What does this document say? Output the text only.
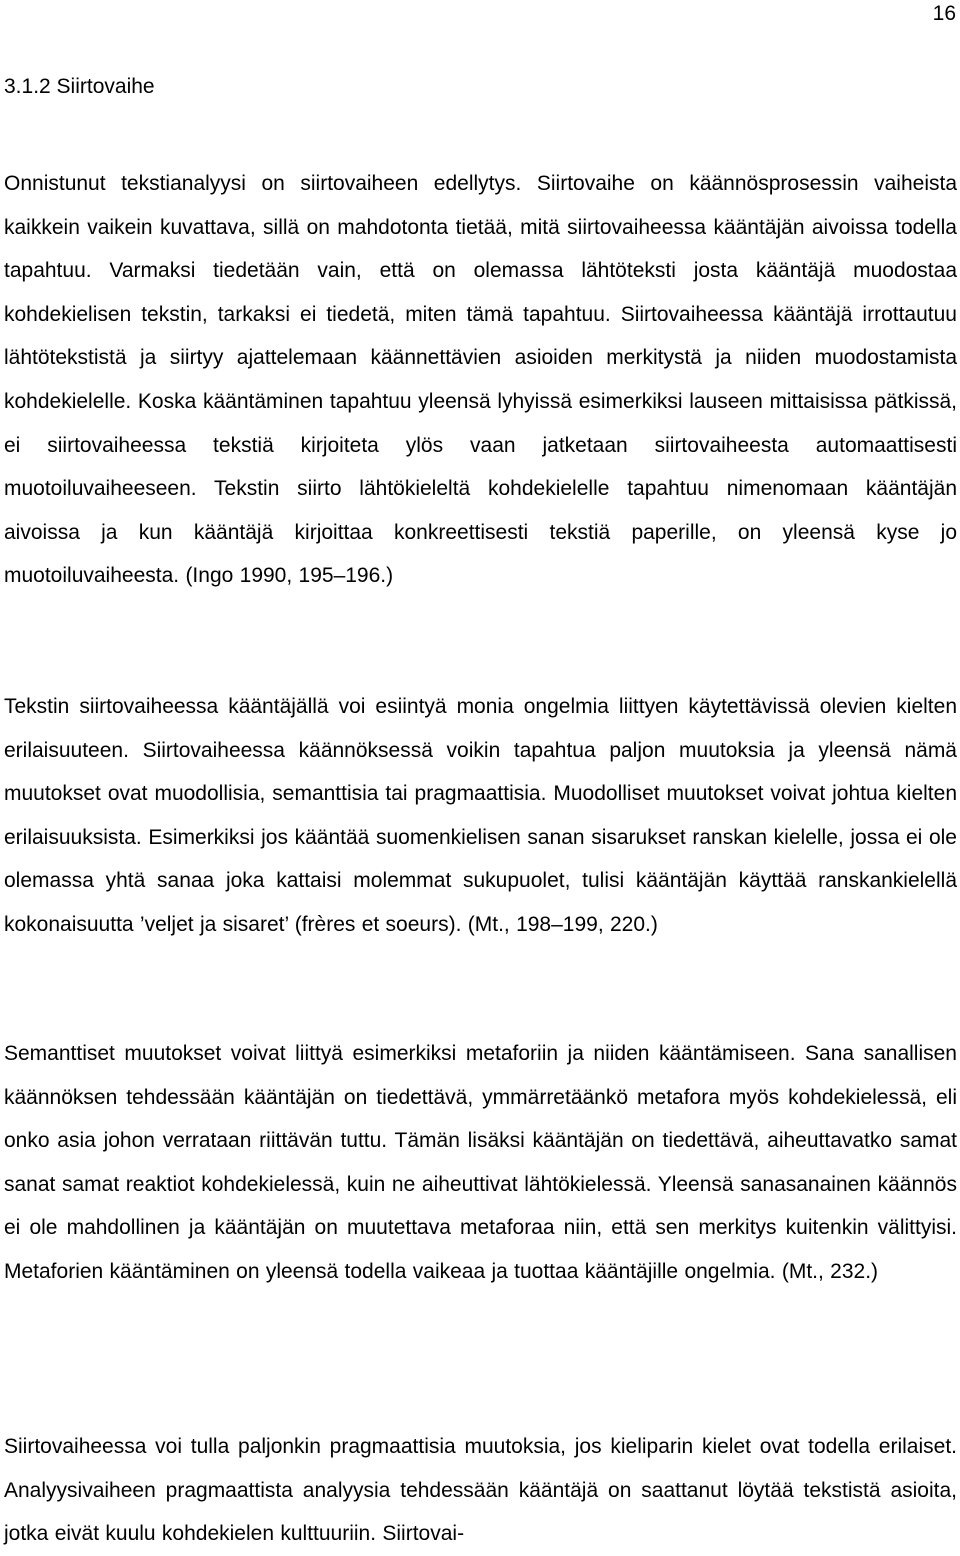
16
3.1.2 Siirtovaihe

Onnistunut tekstianalyysi on siirtovaiheen edellytys. Siirtovaihe on käännösprosessin vaiheista kaikkein vaikein kuvattava, sillä on mahdotonta tietää, mitä siirtovaiheessa kääntäjän aivoissa todella tapahtuu. Varmaksi tiedetään vain, että on olemassa lähtöteksti josta kääntäjä muodostaa kohdekielisen tekstin, tarkaksi ei tiedetä, miten tämä tapahtuu. Siirtovaiheessa kääntäjä irrottautuu lähtötekstistä ja siirtyy ajattelemaan käännettävien asioiden merkitystä ja niiden muodostamista kohdekielelle. Koska kääntäminen tapahtuu yleensä lyhyissä esimerkiksi lauseen mittaisissa pätkissä, ei siirtovaiheessa tekstiä kirjoiteta ylös vaan jatketaan siirtovaiheesta automaattisesti muotoiluvaiheeseen. Tekstin siirto lähtökieleltä kohdekielelle tapahtuu nimenomaan kääntäjän aivoissa ja kun kääntäjä kirjoittaa konkreettisesti tekstiä paperille, on yleensä kyse jo muotoiluvaiheesta. (Ingo 1990, 195–196.)

Tekstin siirtovaiheessa kääntäjällä voi esiintyä monia ongelmia liittyen käytettävissä olevien kielten erilaisuuteen. Siirtovaiheessa käännöksessä voikin tapahtua paljon muutoksia ja yleensä nämä muutokset ovat muodollisia, semanttisia tai pragmaattisia. Muodolliset muutokset voivat johtua kielten erilaisuuksista. Esimerkiksi jos kääntää suomenkielisen sanan sisarukset ranskan kielelle, jossa ei ole olemassa yhtä sanaa joka kattaisi molemmat sukupuolet, tulisi kääntäjän käyttää ranskankielellä kokonaisuutta ’veljet ja sisaret’ (frères et soeurs). (Mt., 198–199, 220.)

Semanttiset muutokset voivat liittyä esimerkiksi metaforiin ja niiden kääntämiseen. Sana sanallisen käännöksen tehdessään kääntäjän on tiedettävä, ymmärretäänkö metafora myös kohdekielessä, eli onko asia johon verrataan riittävän tuttu. Tämän lisäksi kääntäjän on tiedettävä, aiheuttavatko samat sanat samat reaktiot kohdekielessä, kuin ne aiheuttivat lähtökielessä. Yleensä sanasanainen käännös ei ole mahdollinen ja kääntäjän on muutettava metaforaa niin, että sen merkitys kuitenkin välittyisi. Metaforien kääntäminen on yleensä todella vaikeaa ja tuottaa kääntäjille ongelmia. (Mt., 232.)

Siirtovaiheessa voi tulla paljonkin pragmaattisia muutoksia, jos kieliparin kielet ovat todella erilaiset. Analyysivaiheen pragmaattista analyysia tehdessään kääntäjä on saattanut löytää tekstistä asioita, jotka eivät kuulu kohdekielen kulttuuriin. Siirtovai-
